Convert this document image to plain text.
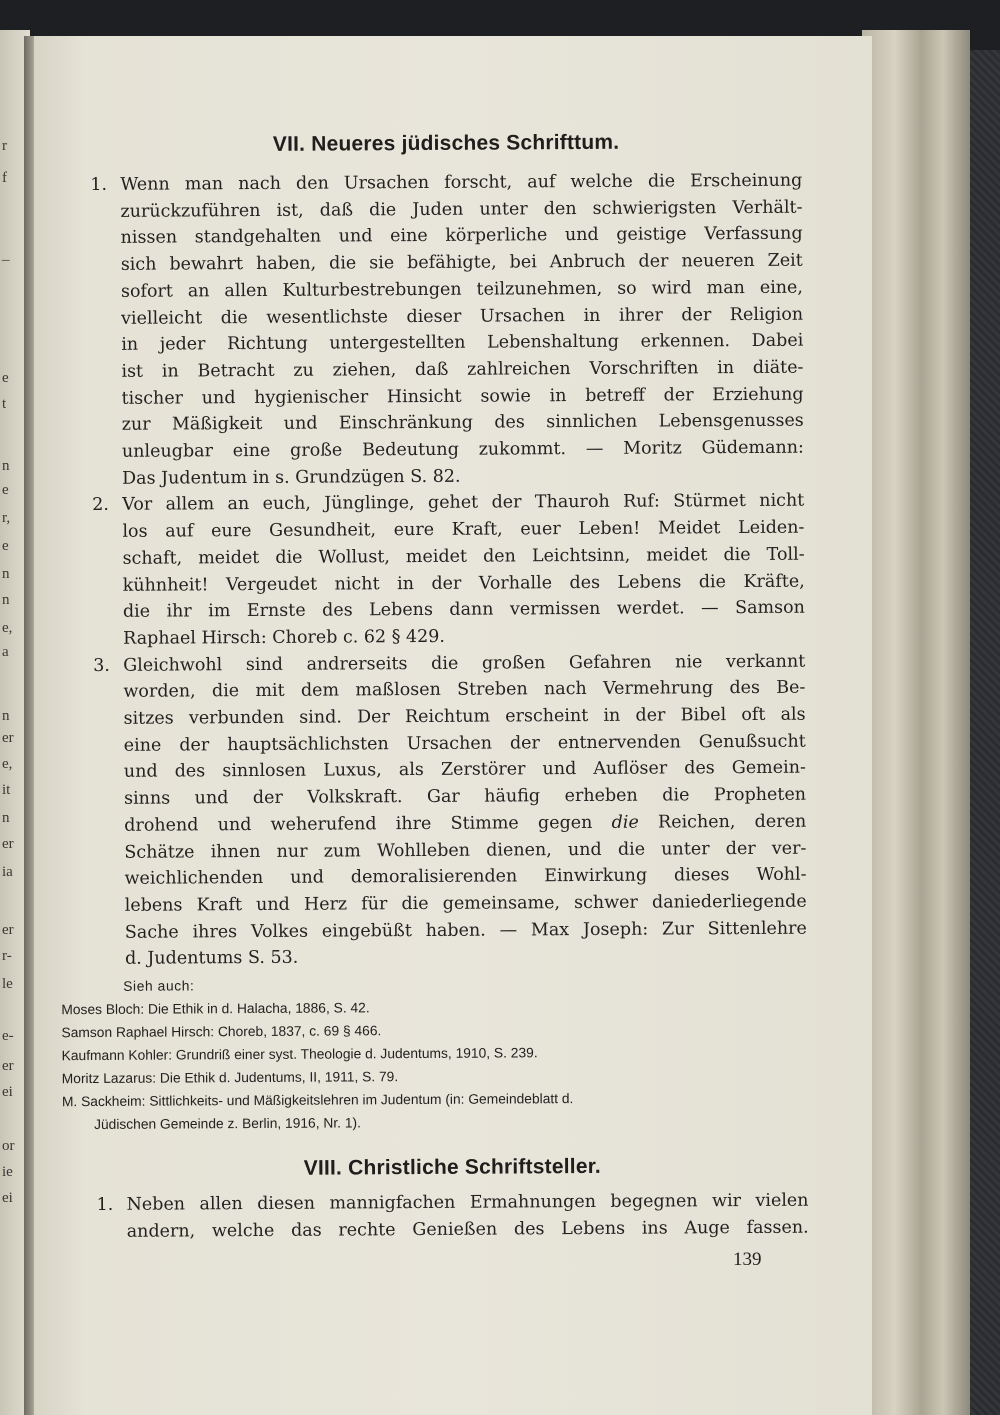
r
f
–
e
t
n
e
r,
e
n
n
e,
a
n
er
e,
it
n
er
ia
er
r-
le
e-
er
ei
or
ie
ei
VII. Neueres jüdisches Schrifttum.
1. Wenn man nach den Ursachen forscht, auf welche die Erscheinung
zurückzuführen ist, daß die Juden unter den schwierigsten Verhält-
nissen standgehalten und eine körperliche und geistige Verfassung
sich bewahrt haben, die sie befähigte, bei Anbruch der neueren Zeit
sofort an allen Kulturbestrebungen teilzunehmen, so wird man eine,
vielleicht die wesentlichste dieser Ursachen in ihrer der Religion
in jeder Richtung untergestellten Lebenshaltung erkennen. Dabei
ist in Betracht zu ziehen, daß zahlreichen Vorschriften in diäte-
tischer und hygienischer Hinsicht sowie in betreff der Erziehung
zur Mäßigkeit und Einschränkung des sinnlichen Lebensgenusses
unleugbar eine große Bedeutung zukommt. — Moritz Güdemann:
Das Judentum in s. Grundzügen S. 82.
2. Vor allem an euch, Jünglinge, gehet der Thauroh Ruf: Stürmet nicht
los auf eure Gesundheit, eure Kraft, euer Leben! Meidet Leiden-
schaft, meidet die Wollust, meidet den Leichtsinn, meidet die Toll-
kühnheit! Vergeudet nicht in der Vorhalle des Lebens die Kräfte,
die ihr im Ernste des Lebens dann vermissen werdet. — Samson
Raphael Hirsch: Choreb c. 62 § 429.
3. Gleichwohl sind andrerseits die großen Gefahren nie verkannt
worden, die mit dem maßlosen Streben nach Vermehrung des Be-
sitzes verbunden sind. Der Reichtum erscheint in der Bibel oft als
eine der hauptsächlichsten Ursachen der entnervenden Genußsucht
und des sinnlosen Luxus, als Zerstörer und Auflöser des Gemein-
sinns und der Volkskraft. Gar häufig erheben die Propheten
drohend und weherufend ihre Stimme gegen die Reichen, deren
Schätze ihnen nur zum Wohlleben dienen, und die unter der ver-
weichlichenden und demoralisierenden Einwirkung dieses Wohl-
lebens Kraft und Herz für die gemeinsame, schwer daniederliegende
Sache ihres Volkes eingebüßt haben. — Max Joseph: Zur Sittenlehre
d. Judentums S. 53.
Sieh auch:
Moses Bloch: Die Ethik in d. Halacha, 1886, S. 42.
Samson Raphael Hirsch: Choreb, 1837, c. 69 § 466.
Kaufmann Kohler: Grundriß einer syst. Theologie d. Judentums, 1910, S. 239.
Moritz Lazarus: Die Ethik d. Judentums, II, 1911, S. 79.
M. Sackheim: Sittlichkeits- und Mäßigkeitslehren im Judentum (in: Gemeindeblatt d.
Jüdischen Gemeinde z. Berlin, 1916, Nr. 1).
VIII. Christliche Schriftsteller.
1. Neben allen diesen mannigfachen Ermahnungen begegnen wir vielen
andern, welche das rechte Genießen des Lebens ins Auge fassen.
139
